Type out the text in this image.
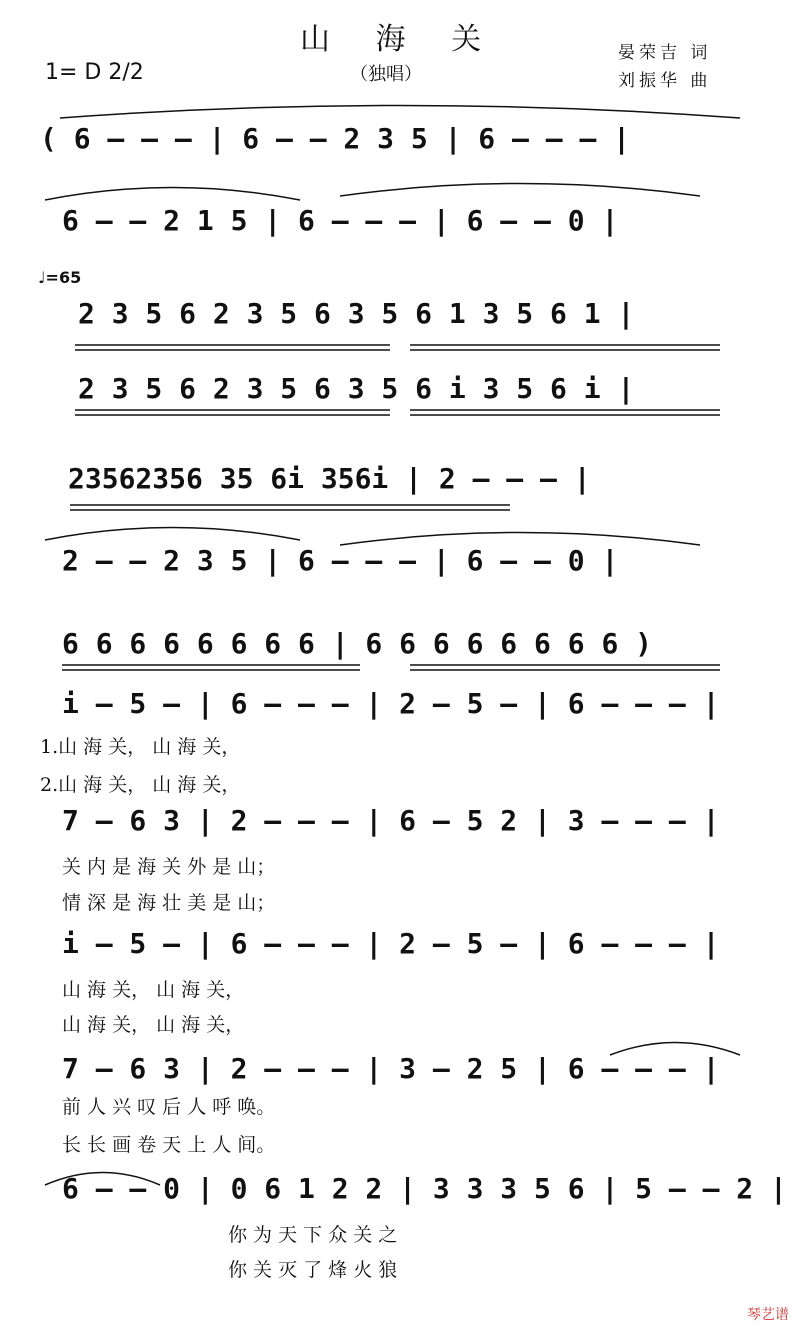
山 海 关
（独唱）
1= D 2/2
晏荣吉 词
刘振华 曲
♩=65
( 6 – – – | 6 – – 2 3 5 | 6 – – – |
6 – – 2 1 5 | 6 – – – | 6 – – 0 |
2 3 5 6 2 3 5 6 3 5 6 1 3 5 6 1 |
2 3 5 6 2 3 5 6 3 5 6 i 3 5 6 i |
23562356 35 6i 356i | 2 – – – |
2 – – 2 3 5 | 6 – – – | 6 – – 0 |
6 6 6 6 6 6 6 6 | 6 6 6 6 6 6 6 6 )
i – 5 – | 6 – – – | 2 – 5 – | 6 – – – |
7 – 6 3 | 2 – – – | 6 – 5 2 | 3 – – – |
i – 5 – | 6 – – – | 2 – 5 – | 6 – – – |
7 – 6 3 | 2 – – – | 3 – 2 5 | 6 – – – |
6 – – 0 | 0 6 1 2 2 | 3 3 3 5 6 | 5 – – 2 |
1.山 海 关， 山 海 关，
2.山 海 关， 山 海 关，
关 内 是 海 关 外 是 山；
情 深 是 海 壮 美 是 山；
山 海 关， 山 海 关，
山 海 关， 山 海 关，
前 人 兴 叹 后 人 呼 唤。
长 长 画 卷 天 上 人 间。
你 为 天 下 众 关 之
你 关 灭 了 烽 火 狼
琴艺谱
